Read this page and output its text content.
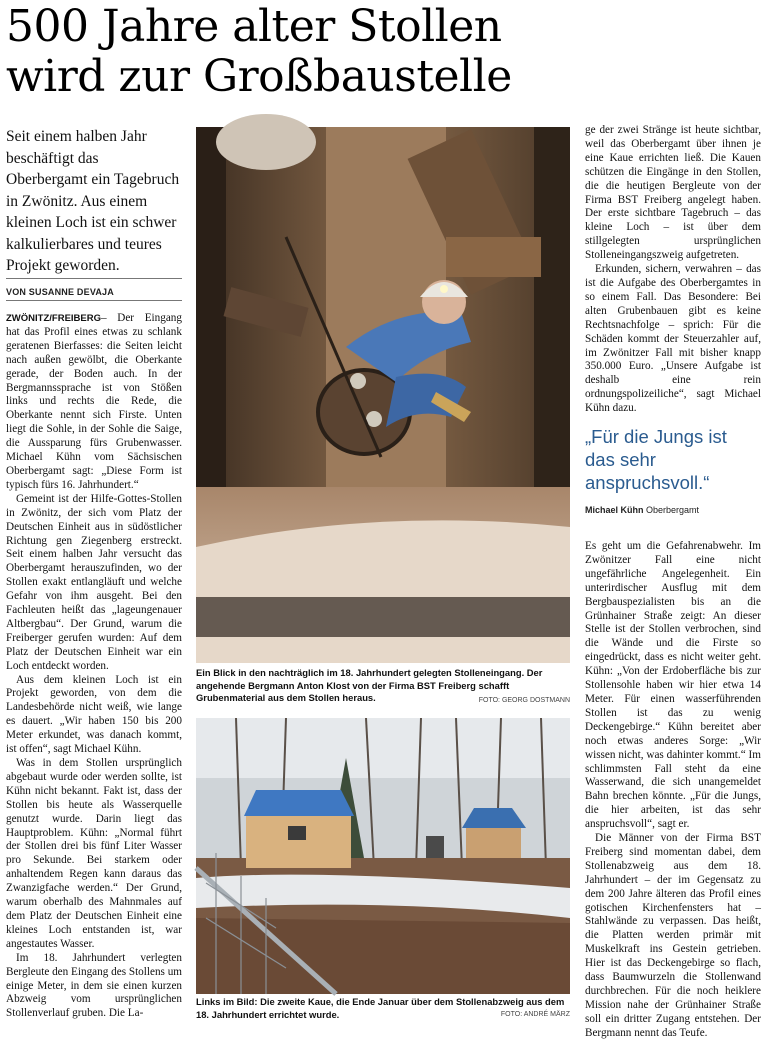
500 Jahre alter Stollen
wird zur Großbaustelle
Seit einem halben Jahr beschäftigt das Oberbergamt ein Tagebruch in Zwönitz. Aus einem kleinen Loch ist ein schwer kalkulierbares und teures Projekt geworden.
VON SUSANNE DEVAJA

ZWÖNITZ/FREIBERG– Der Eingang hat das Profil eines etwas zu schlank geratenen Bierfasses: die Seiten leicht nach außen gewölbt, die Oberkante gerade, der Boden auch. In der Bergmannssprache ist von Stößen links und rechts die Rede, die Oberkante nennt sich Firste. Unten liegt die Sohle, in der Sohle die Saige, die Aussparung fürs Grubenwasser. Michael Kühn vom Sächsischen Oberbergamt sagt: „Diese Form ist typisch fürs 16. Jahrhundert.“

Gemeint ist der Hilfe-Gottes-Stollen in Zwönitz, der sich vom Platz der Deutschen Einheit aus in südöstlicher Richtung gen Ziegenberg erstreckt. Seit einem halben Jahr versucht das Oberbergamt herauszufinden, wo der Stollen exakt entlangläuft und welche Gefahr von ihm ausgeht. Bei den Fachleuten heißt das „lageungenauer Altbergbau“. Der Grund, warum die Freiberger gerufen wurden: Auf dem Platz der Deutschen Einheit war ein Loch entdeckt worden.

Aus dem kleinen Loch ist ein Projekt geworden, von dem die Landesbehörde nicht weiß, wie lange es dauert. „Wir haben 150 bis 200 Meter erkundet, was danach kommt, ist offen“, sagt Michael Kühn.

Was in dem Stollen ursprünglich abgebaut wurde oder werden sollte, ist Kühn nicht bekannt. Fakt ist, dass der Stollen bis heute als Wasserquelle genutzt wurde. Darin liegt das Hauptproblem. Kühn: „Normal führt der Stollen drei bis fünf Liter Wasser pro Sekunde. Bei starkem oder anhaltendem Regen kann daraus das Zwanzigfache werden.“ Der Grund, warum oberhalb des Mahnmales auf dem Platz der Deutschen Einheit eine kleines Loch entstanden ist, war angestautes Wasser.

Im 18. Jahrhundert verlegten Bergleute den Eingang des Stollens um einige Meter, in dem sie einen kurzen Abzweig vom ursprünglichen Stollenverlauf gruben. Die La-

Ein Blick in den nachträglich im 18. Jahrhundert gelegten Stolleneingang. Der angehende Bergmann Anton Klost von der Firma BST Freiberg schafft Grubenmaterial aus dem Stollen heraus.	FOTO: GEORG DOSTMANN
Links im Bild: Die zweite Kaue, die Ende Januar über dem Stollenabzweig aus dem 18. Jahrhundert errichtet wurde.	FOTO: ANDRÉ MÄRZ

ge der zwei Stränge ist heute sichtbar, weil das Oberbergamt über ihnen je eine Kaue errichten ließ. Die Kauen schützen die Eingänge in den Stollen, die die heutigen Bergleute von der Firma BST Freiberg angelegt haben. Der erste sichtbare Tagebruch – das kleine Loch – ist über dem stillgelegten ursprünglichen Stolleneingangszweig aufgetreten.

Erkunden, sichern, verwahren – das ist die Aufgabe des Oberbergamtes in so einem Fall. Das Besondere: Bei alten Grubenbauen gibt es keine Rechtsnachfolge – sprich: Für die Schäden kommt der Steuerzahler auf, im Zwönitzer Fall mit bisher knapp 350.000 Euro. „Unsere Aufgabe ist deshalb eine rein ordnungspolizeiliche“, sagt Michael Kühn dazu.

„Für die Jungs ist das sehr anspruchsvoll.“
Michael Kühn Oberbergamt

Es geht um die Gefahrenabwehr. Im Zwönitzer Fall eine nicht ungefährliche Angelegenheit. Ein unterirdischer Ausflug mit dem Bergbauspezialisten bis an die Grünhainer Straße zeigt: An dieser Stelle ist der Stollen verbrochen, sind die Wände und die Firste so eingedrückt, dass es nicht weiter geht. Kühn: „Von der Erdoberfläche bis zur Stollensohle haben wir hier etwa 14 Meter. Für einen wasserführenden Stollen ist das zu wenig Deckengebirge.“ Kühn bereitet aber noch etwas anderes Sorge: „Wir wissen nicht, was dahinter kommt.“ Im schlimmsten Fall steht da eine Wasserwand, die sich unangemeldet Bahn brechen könnte. „Für die Jungs, die hier arbeiten, ist das sehr anspruchsvoll“, sagt er.

Die Männer von der Firma BST Freiberg sind momentan dabei, dem Stollenabzweig aus dem 18. Jahrhundert – der im Gegensatz zu dem 200 Jahre älteren das Profil eines gotischen Kirchenfensters hat – Stahlwände zu verpassen. Das heißt, die Platten werden primär mit Muskelkraft ins Gestein getrieben. Hier ist das Deckengebirge so flach, dass Baumwurzeln die Stollenwand durchbrechen. Für die noch heiklere Mission nahe der Grünhainer Straße soll ein dritter Zugang entstehen. Der Bergmann nennt das Teufe.
